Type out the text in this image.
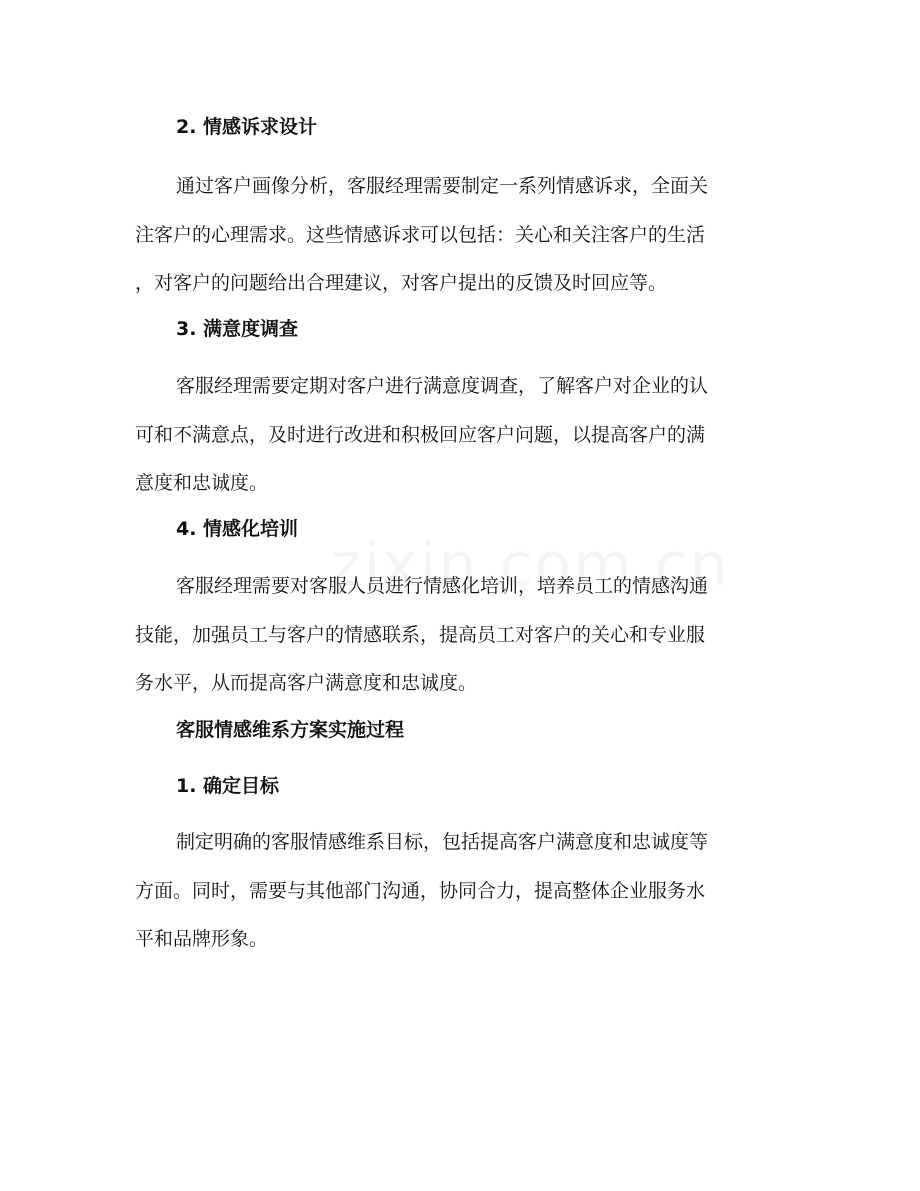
2. 情感诉求设计
通过客户画像分析，客服经理需要制定一系列情感诉求，全面关
注客户的心理需求。这些情感诉求可以包括：关心和关注客户的生活
，对客户的问题给出合理建议，对客户提出的反馈及时回应等。
3. 满意度调查
客服经理需要定期对客户进行满意度调查，了解客户对企业的认
可和不满意点，及时进行改进和积极回应客户问题，以提高客户的满
意度和忠诚度。
4. 情感化培训
客服经理需要对客服人员进行情感化培训，培养员工的情感沟通
技能，加强员工与客户的情感联系，提高员工对客户的关心和专业服
务水平，从而提高客户满意度和忠诚度。
客服情感维系方案实施过程
1. 确定目标
制定明确的客服情感维系目标，包括提高客户满意度和忠诚度等
方面。同时，需要与其他部门沟通，协同合力，提高整体企业服务水
平和品牌形象。
